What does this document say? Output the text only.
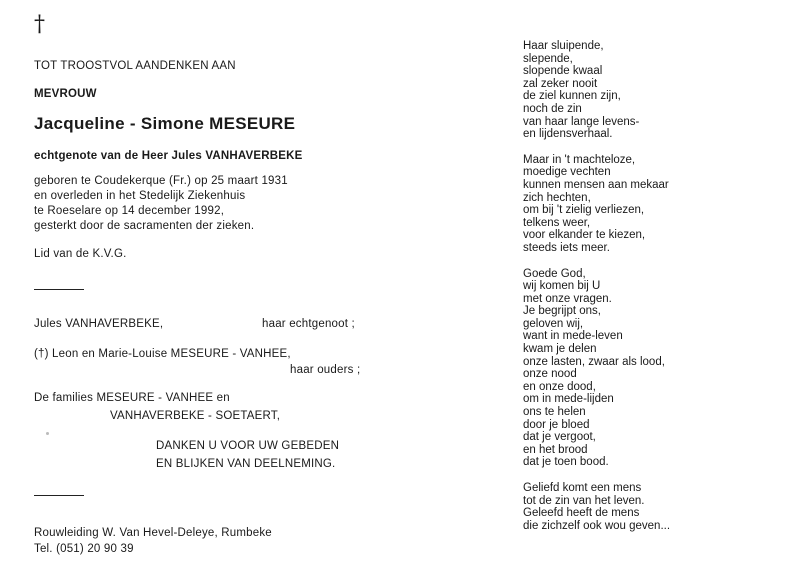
†
TOT TROOSTVOL AANDENKEN AAN
MEVROUW
Jacqueline - Simone MESEURE
echtgenote van de Heer Jules VANHAVERBEKE
geboren te Coudekerque (Fr.) op 25 maart 1931
en overleden in het Stedelijk Ziekenhuis
te Roeselare op 14 december 1992,
gesterkt door de sacramenten der zieken.
Lid van de K.V.G.
Jules VANHAVERBEKE,	haar echtgenoot ;
(†) Leon en Marie-Louise MESEURE - VANHEE,
haar ouders ;
De families MESEURE - VANHEE en
VANHAVERBEKE - SOETAERT,
DANKEN U VOOR UW GEBEDEN
EN BLIJKEN VAN DEELNEMING.
Rouwleiding W. Van Hevel-Deleye, Rumbeke
Tel. (051) 20 90 39
Haar sluipende,
slepende,
slopende kwaal
zal zeker nooit
de ziel kunnen zijn,
noch de zin
van haar lange levens-
en lijdensverhaal.
Maar in 't machteloze,
moedige vechten
kunnen mensen aan mekaar
zich hechten,
om bij 't zielig verliezen,
telkens weer,
voor elkander te kiezen,
steeds iets meer.
Goede God,
wij komen bij U
met onze vragen.
Je begrijpt ons,
geloven wij,
want in mede-leven
kwam je delen
onze lasten, zwaar als lood,
onze nood
en onze dood,
om in mede-lijden
ons te helen
door je bloed
dat je vergoot,
en het brood
dat je toen bood.
Geliefd komt een mens
tot de zin van het leven.
Geleefd heeft de mens
die zichzelf ook wou geven...
